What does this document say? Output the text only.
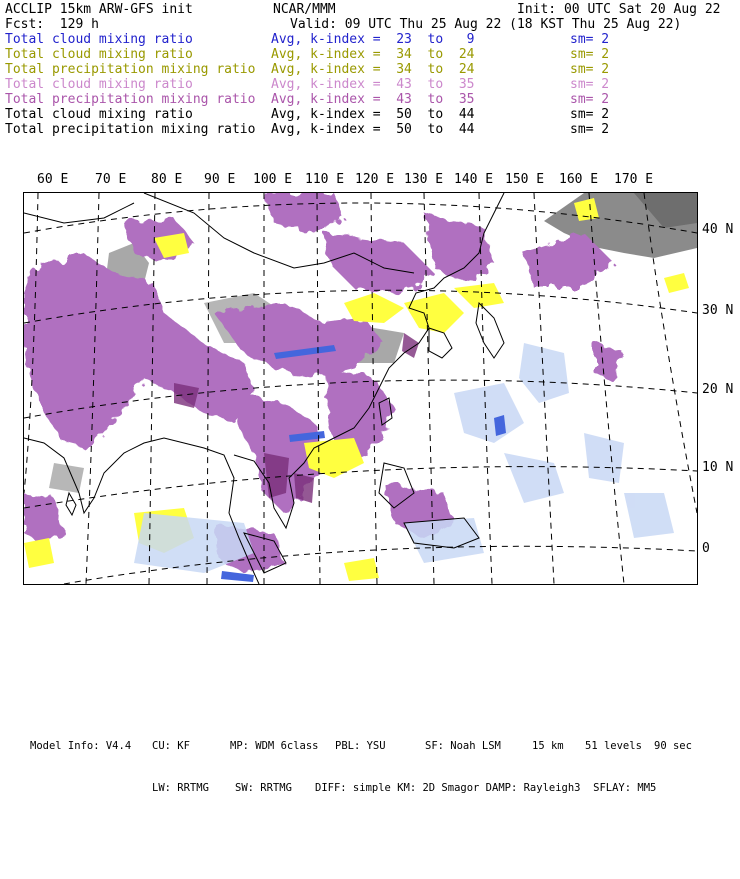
ACCLIP 15km ARW-GFS init

	NCAR/MMM

	Init: 00 UTC Sat 20 Aug 22

Fcst:  129 h

	Valid: 09 UTC Thu 25 Aug 22 (18 KST Thu 25 Aug 22)

Total cloud mixing ratio	Avg, k-index =  23  to   9	sm= 2
Total cloud mixing ratio	Avg, k-index =  34  to  24	sm= 2
Total precipitation mixing ratio Avg, k-index =  34  to  24	sm= 2
Total cloud mixing ratio	Avg, k-index =  43  to  35	sm= 2
Total precipitation mixing ratio Avg, k-index =  43  to  35	sm= 2
Total cloud mixing ratio	Avg, k-index =  50  to  44	sm= 2
Total precipitation mixing ratio Avg, k-index =  50  to  44	sm= 2
60 E 70 E 80 E 90 E 100 E 110 E 120 E 130 E 140 E 150 E 160 E 170 E
40 N
30 N
20 N
10 N
0

Model Info: V4.4

CU: KF

	MP: WDM 6class

PBL: YSU

	SF: Noah LSM

	15 km

51 levels

90 sec

LW: RRTMG

SW: RRTMG

DIFF: simple KM: 2D Smagor DAMP: Rayleigh3  SFLAY: MM5
